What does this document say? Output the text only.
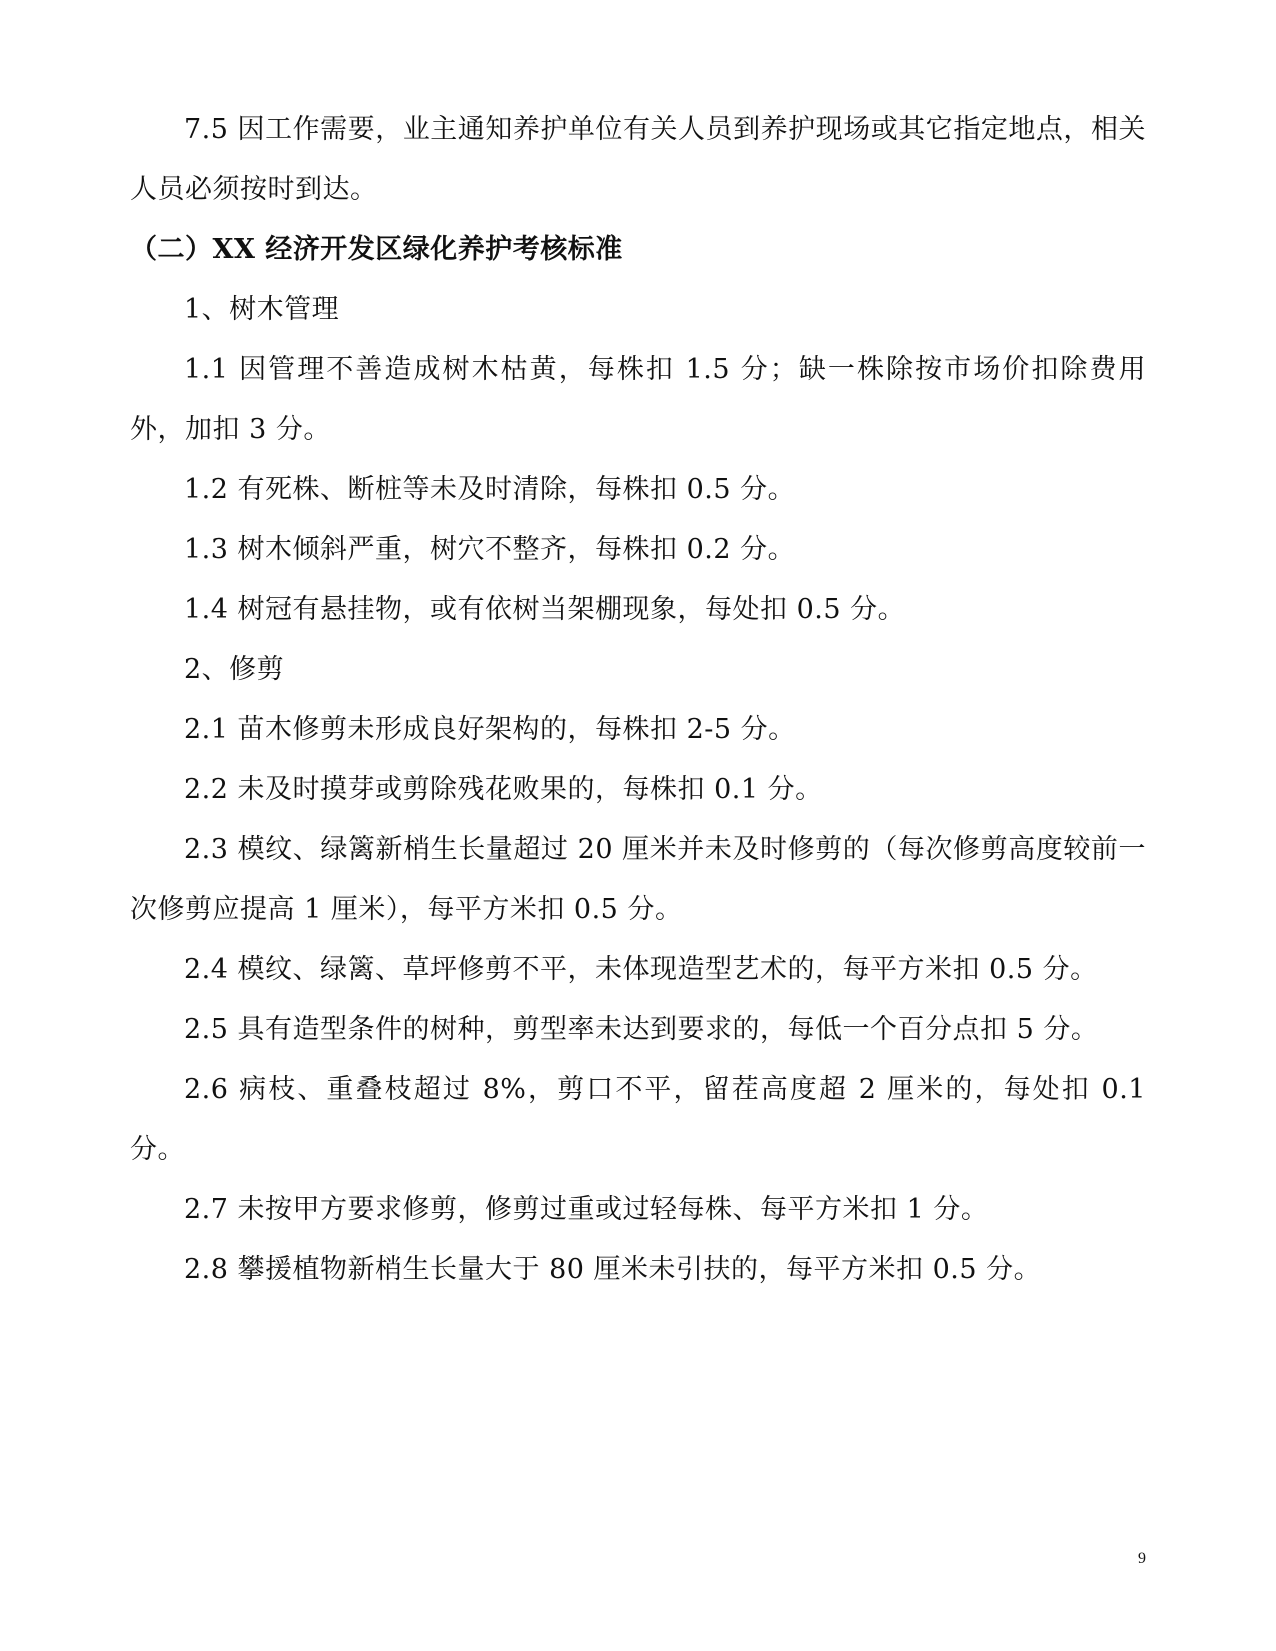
7.5 因工作需要，业主通知养护单位有关人员到养护现场或其它指定地点，相关人员必须按时到达。

（二）XX 经济开发区绿化养护考核标准

1、树木管理

1.1 因管理不善造成树木枯黄，每株扣 1.5 分；缺一株除按市场价扣除费用外，加扣 3 分。

1.2 有死株、断桩等未及时清除，每株扣 0.5 分。

1.3 树木倾斜严重，树穴不整齐，每株扣 0.2 分。

1.4 树冠有悬挂物，或有依树当架棚现象，每处扣 0.5 分。

2、修剪

2.1 苗木修剪未形成良好架构的，每株扣 2-5 分。

2.2 未及时摸芽或剪除残花败果的，每株扣 0.1 分。

2.3 模纹、绿篱新梢生长量超过 20 厘米并未及时修剪的（每次修剪高度较前一次修剪应提高 1 厘米），每平方米扣 0.5 分。

2.4 模纹、绿篱、草坪修剪不平，未体现造型艺术的，每平方米扣 0.5 分。

2.5 具有造型条件的树种，剪型率未达到要求的，每低一个百分点扣 5 分。

2.6 病枝、重叠枝超过 8%，剪口不平，留茬高度超 2 厘米的，每处扣 0.1 分。

2.7 未按甲方要求修剪，修剪过重或过轻每株、每平方米扣 1 分。

2.8 攀援植物新梢生长量大于 80 厘米未引扶的，每平方米扣 0.5 分。

9
